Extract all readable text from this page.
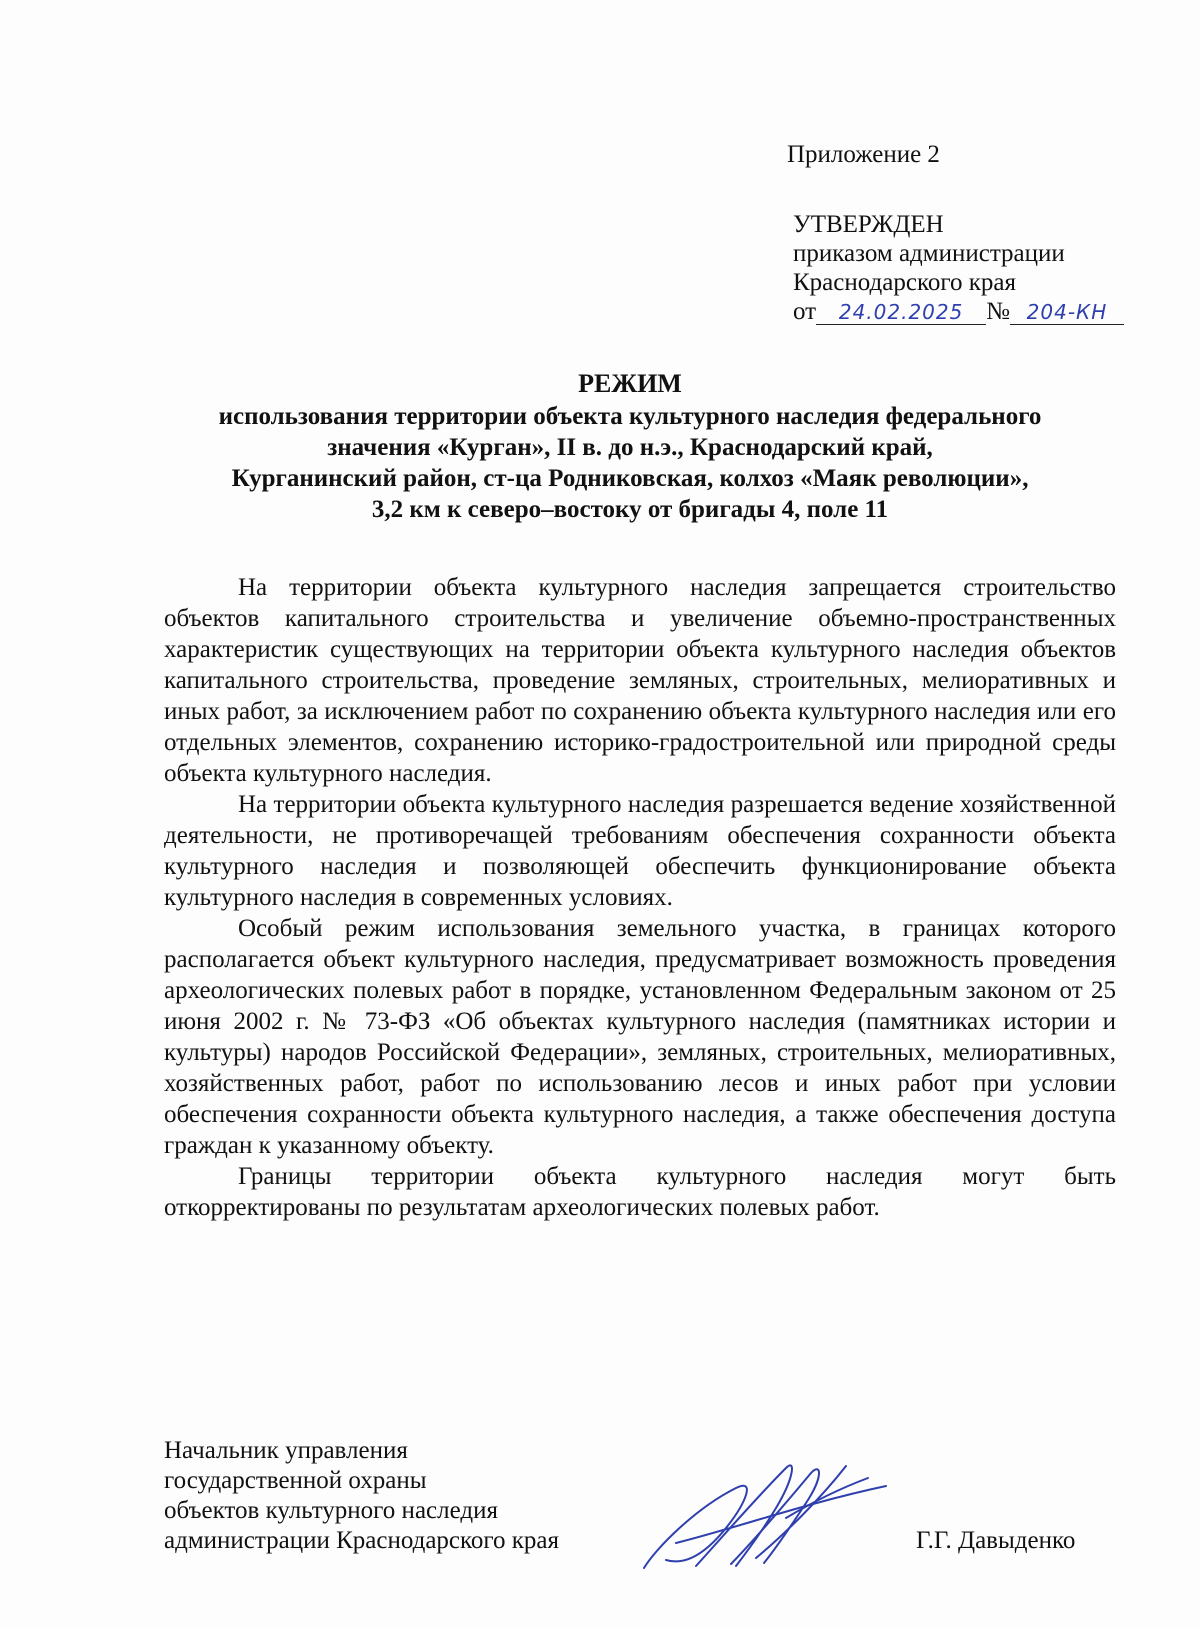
Приложение 2
УТВЕРЖДЕН
приказом администрации
Краснодарского края
от 24.02.2025 № 204-КН
РЕЖИМ
использования территории объекта культурного наследия федерального
значения «Курган», II в. до н.э., Краснодарский край,
Курганинский район, ст-ца Родниковская, колхоз «Маяк революции»,
3,2 км к северо–востоку от бригады 4, поле 11

На территории объекта культурного наследия запрещается строительство объектов капитального строительства и увеличение объемно-пространственных характеристик существующих на территории объекта культурного наследия объектов капитального строительства, проведение земляных, строительных, мелиоративных и иных работ, за исключением работ по сохранению объекта культурного наследия или его отдельных элементов, сохранению историко-градостроительной или природной среды объекта культурного наследия.

На территории объекта культурного наследия разрешается ведение хозяйственной деятельности, не противоречащей требованиям обеспечения сохранности объекта культурного наследия и позволяющей обеспечить функционирование объекта культурного наследия в современных условиях.

Особый режим использования земельного участка, в границах которого располагается объект культурного наследия, предусматривает возможность проведения археологических полевых работ в порядке, установленном Федеральным законом от 25 июня 2002 г. № 73-ФЗ «Об объектах культурного наследия (памятниках истории и культуры) народов Российской Федерации», земляных, строительных, мелиоративных, хозяйственных работ, работ по использованию лесов и иных работ при условии обеспечения сохранности объекта культурного наследия, а также обеспечения доступа граждан к указанному объекту.

Границы территории объекта культурного наследия могут быть откорректированы по результатам археологических полевых работ.

Начальник управления
государственной охраны
объектов культурного наследия
администрации Краснодарского края	Г.Г. Давыденко
